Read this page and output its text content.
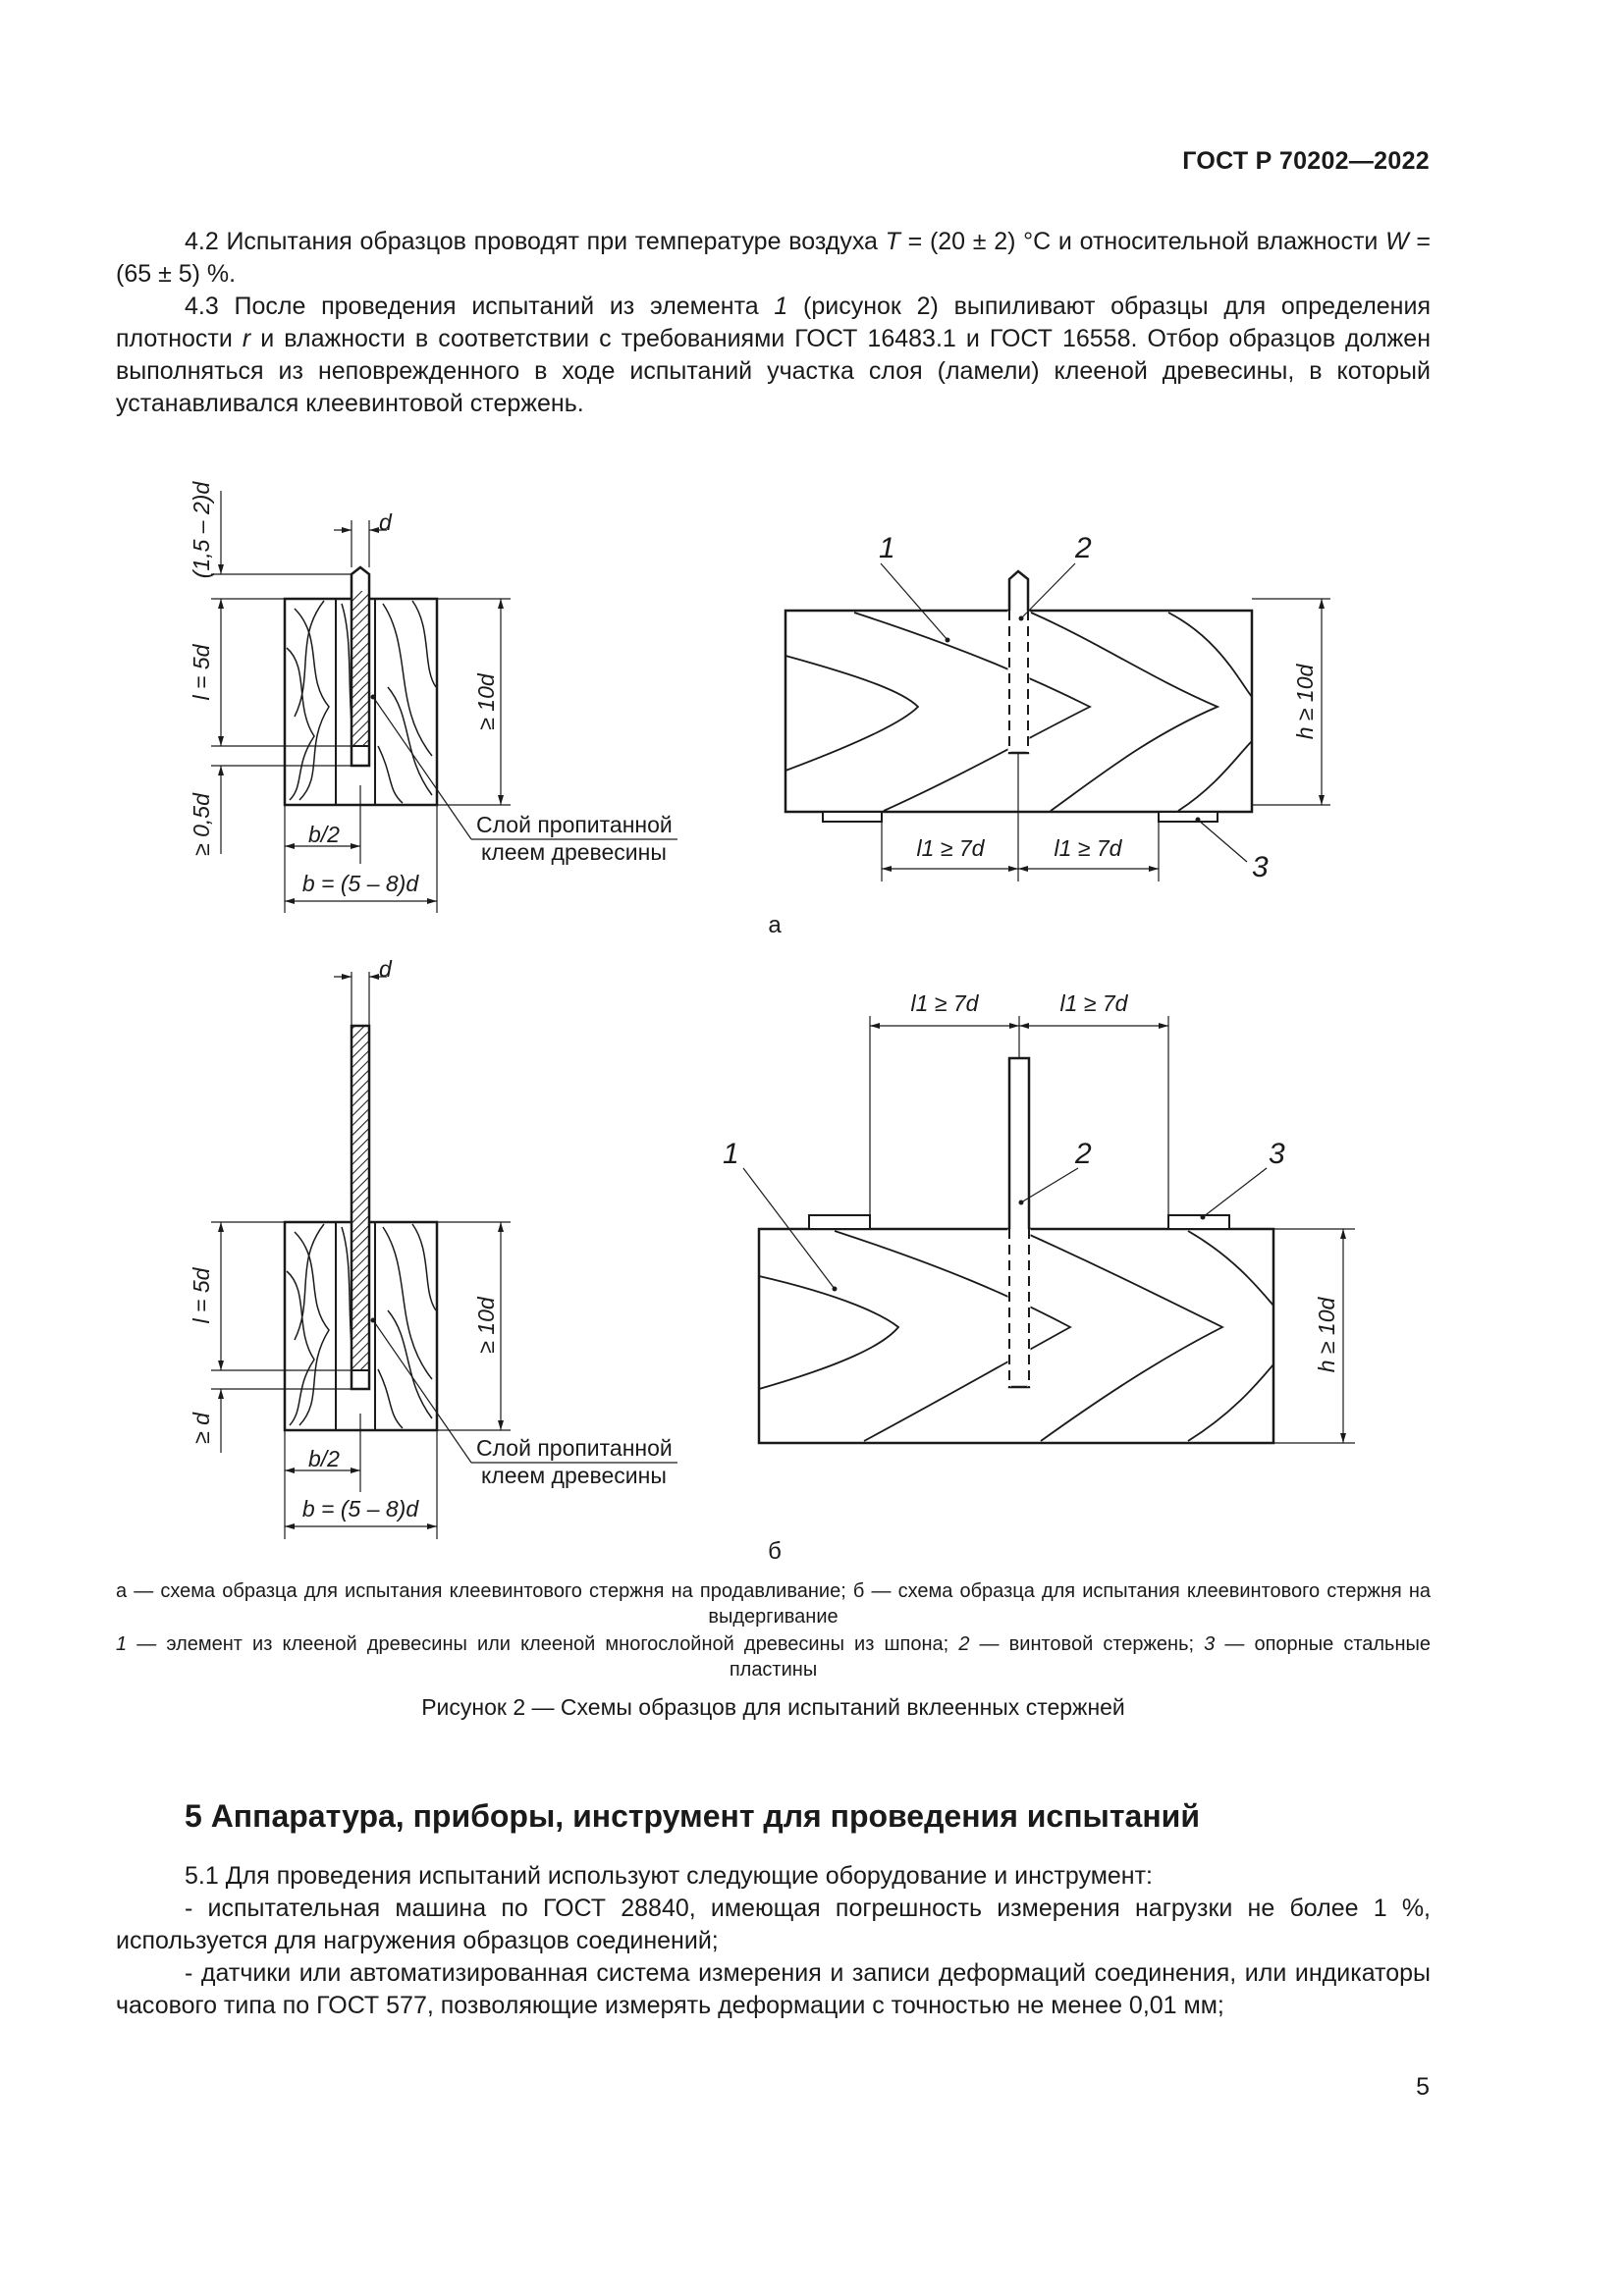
ГОСТ Р 70202—2022

4.2 Испытания образцов проводят при температуре воздуха T = (20 ± 2) °С и относительной влажности W = (65 ± 5) %.

4.3 После проведения испытаний из элемента 1 (рисунок 2) выпиливают образцы для определения плотности r и влажности в соответствии с требованиями ГОСТ 16483.1 и ГОСТ 16558. Отбор образцов должен выполняться из неповрежденного в ходе испытаний участка слоя (ламели) клееной древесины, в который устанавливался клеевинтовой стержень.

(1,5 – 2)d	d
l = 5d
≥ 0,5d
≥ 10d
b/2
b = (5 – 8)d
Слой пропитанной
клеем древесины
1	2
3
h ≥ 10d
l1 ≥ 7d	l1 ≥ 7d
а
d
l = 5d
≥ d
≥ 10d
b/2
b = (5 – 8)d
Слой пропитанной
клеем древесины
1	2	3
l1 ≥ 7d	l1 ≥ 7d
h ≥ 10d
б

а — схема образца для испытания клеевинтового стержня на продавливание; б — схема образца для испытания клеевинтового стержня на выдергивание

1 — элемент из клееной древесины или клееной многослойной древесины из шпона; 2 — винтовой стержень; 3 — опорные стальные пластины

Рисунок 2 — Схемы образцов для испытаний вклеенных стержней
5 Аппаратура, приборы, инструмент для проведения испытаний

5.1 Для проведения испытаний используют следующие оборудование и инструмент:

- испытательная машина по ГОСТ 28840, имеющая погрешность измерения нагрузки не более 1 %, используется для нагружения образцов соединений;

- датчики или автоматизированная система измерения и записи деформаций соединения, или индикаторы часового типа по ГОСТ 577, позволяющие измерять деформации с точностью не менее 0,01 мм;

5
